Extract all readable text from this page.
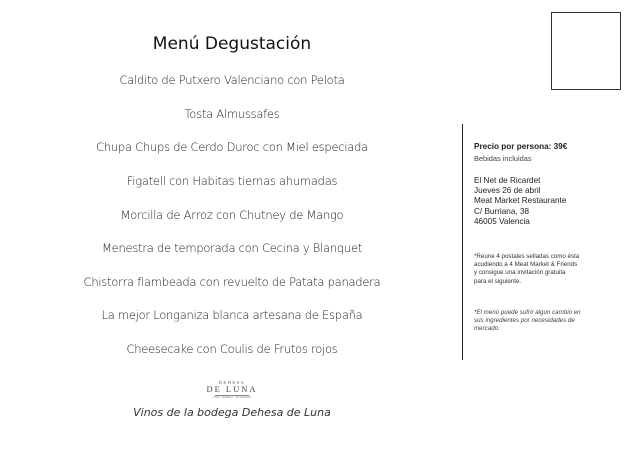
Menú Degustación
Caldito de Putxero Valenciano con Pelota
Tosta Almussafes
Chupa Chups de Cerdo Duroc con Miel especiada
Figatell con Habitas tiernas ahumadas
Morcilla de Arroz con Chutney de Mango
Menestra de temporada con Cecina y Blanquet
Chistorra flambeada con revuelto de Patata panadera
La mejor Longaniza blanca artesana de España
Cheesecake con Coulis de Frutos rojos
DEHESA
DE LUNA
FINCA · BODEGA · NATURALEZA
Vinos de la bodega Dehesa de Luna
Precio por persona: 39€
Bebidas incluidas
El Net de Ricardet
Jueves 26 de abril
Meat Market Restaurante
C/ Burriana, 38
46005 Valencia
*Reune 4 postales selladas como ésta
acudiendo a 4 Meat Market & Friends
y consigue una invitación gratuita
para el siguiente.
*El menú puede sufrir algun cambio en
sus ingredientes por necesidades de
mercado.
